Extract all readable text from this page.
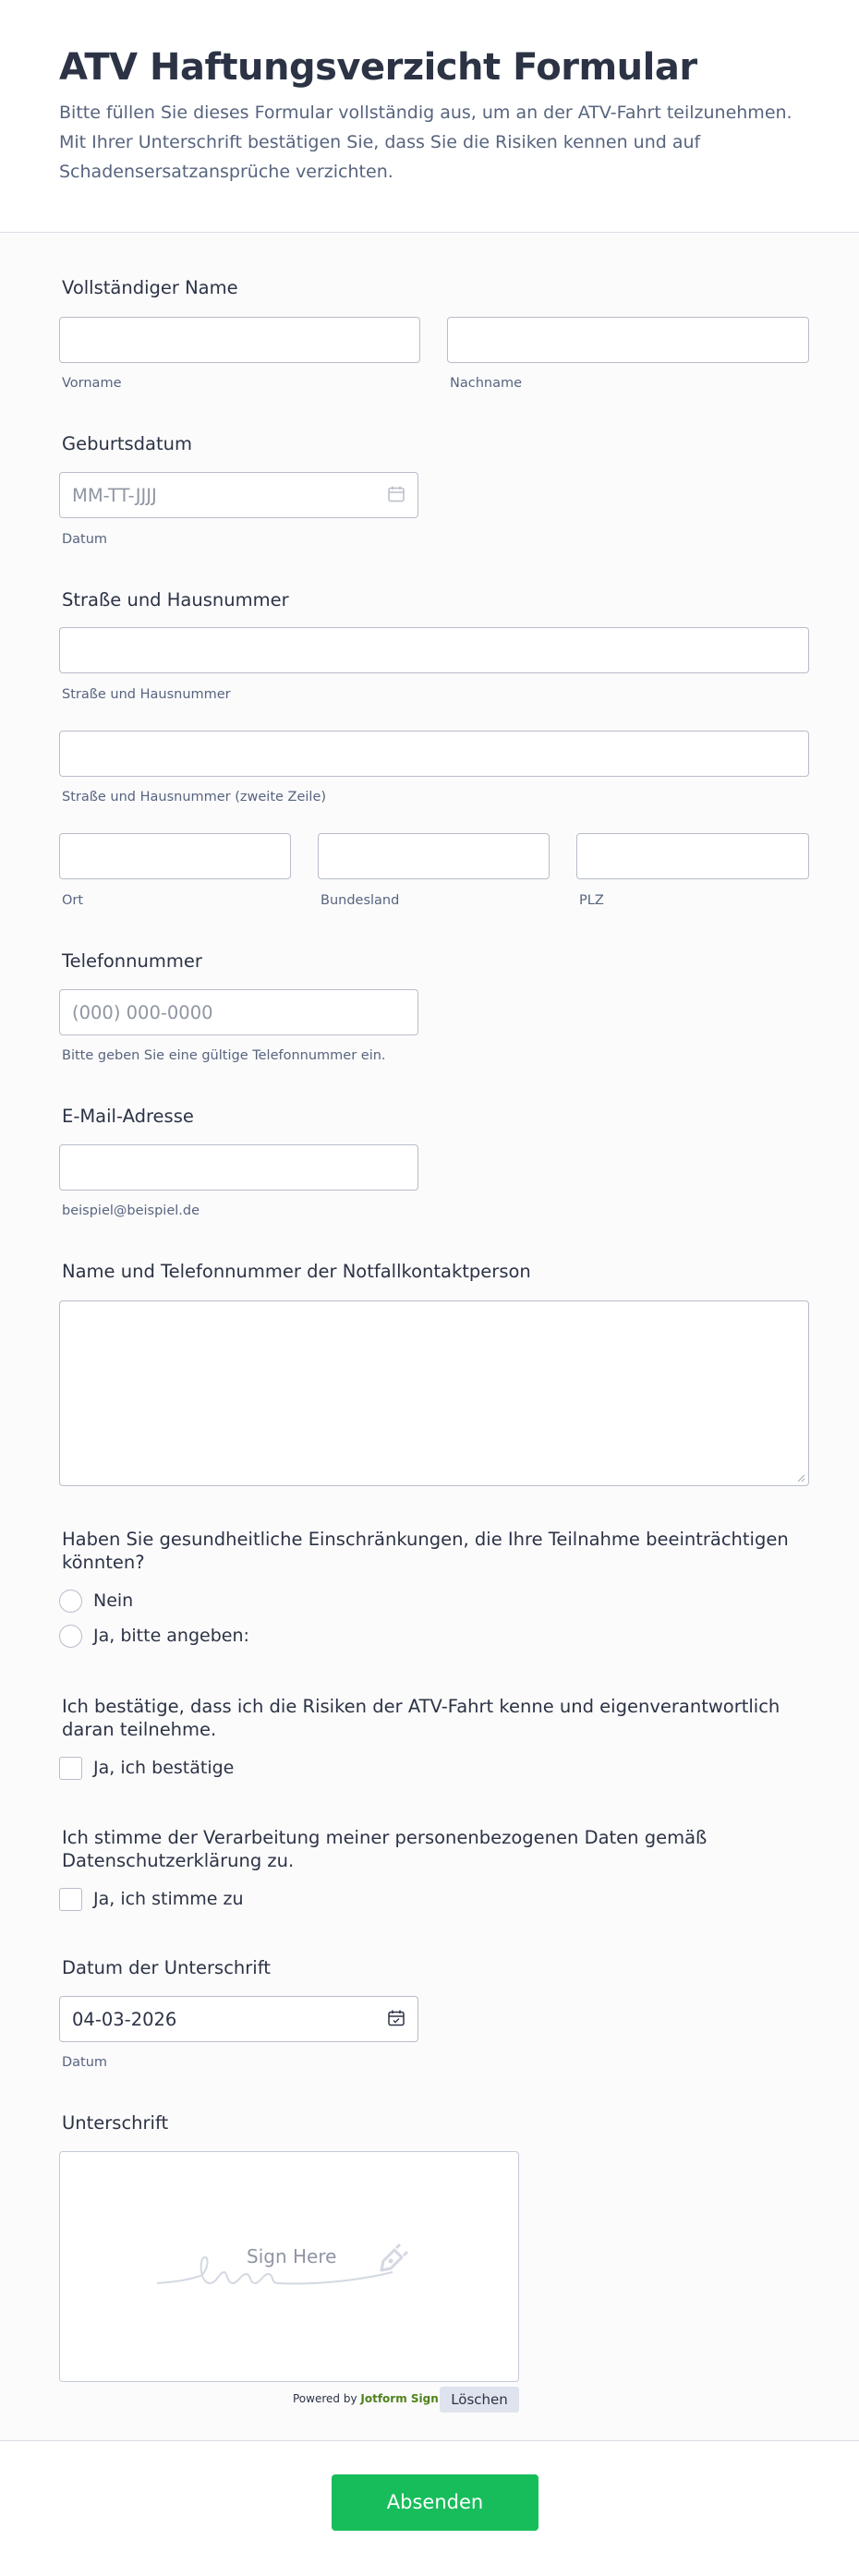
ATV Haftungsverzicht Formular

Bitte füllen Sie dieses Formular vollständig aus, um an der ATV-Fahrt teilzunehmen. Mit Ihrer Unterschrift bestätigen Sie, dass Sie die Risiken kennen und auf Schadensersatzansprüche verzichten.

Vollständiger Name
Vorname	Nachname
Geburtsdatum
MM-TT-JJJJ
Datum
Straße und Hausnummer
Straße und Hausnummer
Straße und Hausnummer (zweite Zeile)
Ort	Bundesland	PLZ
Telefonnummer
(000) 000-0000
Bitte geben Sie eine gültige Telefonnummer ein.
E-Mail-Adresse
beispiel@beispiel.de
Name und Telefonnummer der Notfallkontaktperson
Haben Sie gesundheitliche Einschränkungen, die Ihre Teilnahme beeinträchtigen könnten?
Nein
Ja, bitte angeben:
Ich bestätige, dass ich die Risiken der ATV-Fahrt kenne und eigenverantwortlich daran teilnehme.
Ja, ich bestätige
Ich stimme der Verarbeitung meiner personenbezogenen Daten gemäß Datenschutzerklärung zu.
Ja, ich stimme zu
Datum der Unterschrift
04-03-2026
Datum
Unterschrift
Sign Here
Powered by Jotform Sign Löschen
Absenden
